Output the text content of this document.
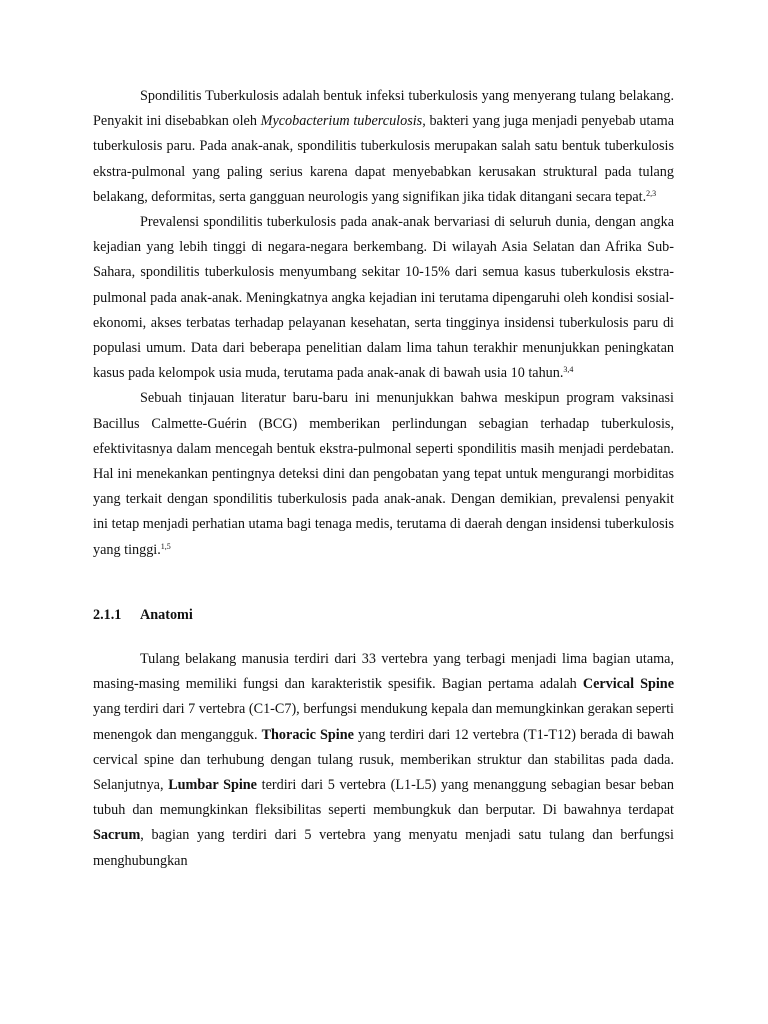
Spondilitis Tuberkulosis adalah bentuk infeksi tuberkulosis yang menyerang tulang belakang. Penyakit ini disebabkan oleh Mycobacterium tuberculosis, bakteri yang juga menjadi penyebab utama tuberkulosis paru. Pada anak-anak, spondilitis tuberkulosis merupakan salah satu bentuk tuberkulosis ekstra-pulmonal yang paling serius karena dapat menyebabkan kerusakan struktural pada tulang belakang, deformitas, serta gangguan neurologis yang signifikan jika tidak ditangani secara tepat.$^{2,3}$

Prevalensi spondilitis tuberkulosis pada anak-anak bervariasi di seluruh dunia, dengan angka kejadian yang lebih tinggi di negara-negara berkembang. Di wilayah Asia Selatan dan Afrika Sub-Sahara, spondilitis tuberkulosis menyumbang sekitar 10-15% dari semua kasus tuberkulosis ekstra-pulmonal pada anak-anak. Meningkatnya angka kejadian ini terutama dipengaruhi oleh kondisi sosial-ekonomi, akses terbatas terhadap pelayanan kesehatan, serta tingginya insidensi tuberkulosis paru di populasi umum. Data dari beberapa penelitian dalam lima tahun terakhir menunjukkan peningkatan kasus pada kelompok usia muda, terutama pada anak-anak di bawah usia 10 tahun.$^{3,4}$

Sebuah tinjauan literatur baru-baru ini menunjukkan bahwa meskipun program vaksinasi Bacillus Calmette-Guérin (BCG) memberikan perlindungan sebagian terhadap tuberkulosis, efektivitasnya dalam mencegah bentuk ekstra-pulmonal seperti spondilitis masih menjadi perdebatan. Hal ini menekankan pentingnya deteksi dini dan pengobatan yang tepat untuk mengurangi morbiditas yang terkait dengan spondilitis tuberkulosis pada anak-anak. Dengan demikian, prevalensi penyakit ini tetap menjadi perhatian utama bagi tenaga medis, terutama di daerah dengan insidensi tuberkulosis yang tinggi.$^{1,5}$

2.1.1 Anatomi

Tulang belakang manusia terdiri dari 33 vertebra yang terbagi menjadi lima bagian utama, masing-masing memiliki fungsi dan karakteristik spesifik. Bagian pertama adalah Cervical Spine yang terdiri dari 7 vertebra (C1-C7), berfungsi mendukung kepala dan memungkinkan gerakan seperti menengok dan mengangguk. Thoracic Spine yang terdiri dari 12 vertebra (T1-T12) berada di bawah cervical spine dan terhubung dengan tulang rusuk, memberikan struktur dan stabilitas pada dada. Selanjutnya, Lumbar Spine terdiri dari 5 vertebra (L1-L5) yang menanggung sebagian besar beban tubuh dan memungkinkan fleksibilitas seperti membungkuk dan berputar. Di bawahnya terdapat Sacrum, bagian yang terdiri dari 5 vertebra yang menyatu menjadi satu tulang dan berfungsi menghubungkan
